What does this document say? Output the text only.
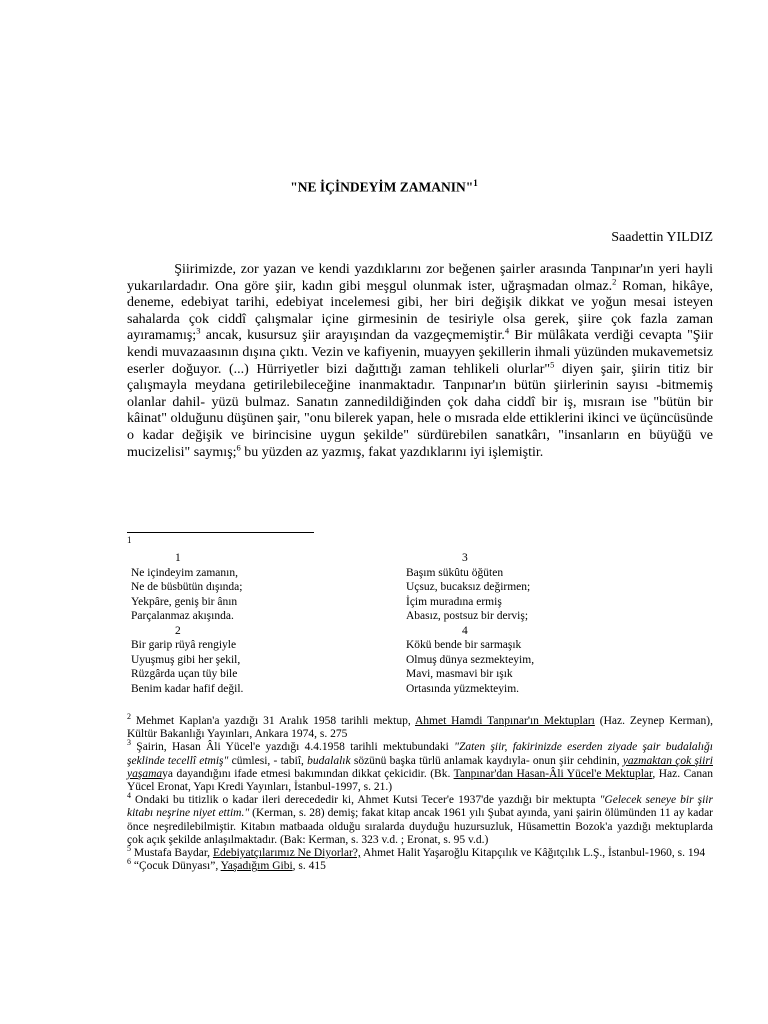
"NE İÇİNDEYİM ZAMANIN"$^1$
Saadettin YILDIZ

Şiirimizde, zor yazan ve kendi yazdıklarını zor beğenen şairler arasında Tanpınar'ın yeri hayli yukarılardadır. Ona göre şiir, kadın gibi meşgul olunmak ister, uğraşmadan olmaz.$^2$ Roman, hikâye, deneme, edebiyat tarihi, edebiyat incelemesi gibi, her biri değişik dikkat ve yoğun mesai isteyen sahalarda çok ciddî çalışmalar içine girmesinin de tesiriyle olsa gerek, şiire çok fazla zaman ayıramamış;$^3$ ancak, kusursuz şiir arayışından da vazgeçmemiştir.$^4$ Bir mülâkata verdiği cevapta "Şiir kendi muvazaasının dışına çıktı. Vezin ve kafiyenin, muayyen şekillerin ihmali yüzünden mukavemetsiz eserler doğuyor. (...) Hürriyetler bizi dağıttığı zaman tehlikeli olurlar"$^5$ diyen şair, şiirin titiz bir çalışmayla meydana getirilebileceğine inanmaktadır. Tanpınar'ın bütün şiirlerinin sayısı -bitmemiş olanlar dahil- yüzü bulmaz. Sanatın zannedildiğinden çok daha ciddî bir iş, mısraın ise "bütün bir kâinat" olduğunu düşünen şair, "onu bilerek yapan, hele o mısrada elde ettiklerini ikinci ve üçüncüsünde o kadar değişik ve birincisine uygun şekilde" sürdürebilen sanatkârı, "insanların en büyüğü ve mucizelisi" saymış;$^6$ bu yüzden az yazmış, fakat yazdıklarını iyi işlemiştir.

1
1
Ne içindeyim zamanın,
Ne de büsbütün dışında;
Yekpâre, geniş bir ânın
Parçalanmaz akışında.
2
Bir garip rüyâ rengiyle
Uyuşmuş gibi her şekil,
Rüzgârda uçan tüy bile
Benim kadar hafif değil.
3
Başım sükûtu öğüten
Uçsuz, bucaksız değirmen;
İçim muradına ermiş
Abasız, postsuz bir derviş;
4
Kökü bende bir sarmaşık
Olmuş dünya sezmekteyim,
Mavi, masmavi bir ışık
Ortasında yüzmekteyim.

$^2$ Mehmet Kaplan'a yazdığı 31 Aralık 1958 tarihli mektup, Ahmet Hamdi Tanpınar'ın Mektupları (Haz. Zeynep Kerman), Kültür Bakanlığı Yayınları, Ankara 1974, s. 275

$^3$ Şairin, Hasan Âli Yücel'e yazdığı 4.4.1958 tarihli mektubundaki "Zaten şiir, fakirinizde eserden ziyade şair budalalığı şeklinde tecellî etmiş" cümlesi, - tabiî, budalalık sözünü başka türlü anlamak kaydıyla- onun şiir cehdinin, yazmaktan çok şiiri yaşamaya dayandığını ifade etmesi bakımından dikkat çekicidir. (Bk. Tanpınar'dan Hasan-Âli Yücel'e Mektuplar, Haz. Canan Yücel Eronat, Yapı Kredi Yayınları, İstanbul-1997, s. 21.)

$^4$ Ondaki bu titizlik o kadar ileri derecededir ki, Ahmet Kutsi Tecer'e 1937'de yazdığı bir mektupta "Gelecek seneye bir şiir kitabı neşrine niyet ettim." (Kerman, s. 28) demiş; fakat kitap ancak 1961 yılı Şubat ayında, yani şairin ölümünden 11 ay kadar önce neşredilebilmiştir. Kitabın matbaada olduğu sıralarda duyduğu huzursuzluk, Hüsamettin Bozok'a yazdığı mektuplarda çok açık şekilde anlaşılmaktadır. (Bak: Kerman, s. 323 v.d. ; Eronat, s. 95 v.d.)

$^5$ Mustafa Baydar, Edebiyatçılarımız Ne Diyorlar?, Ahmet Halit Yaşaroğlu Kitapçılık ve Kâğıtçılık L.Ş., İstanbul-1960, s. 194

$^6$ “Çocuk Dünyası”, Yaşadığım Gibi, s. 415
